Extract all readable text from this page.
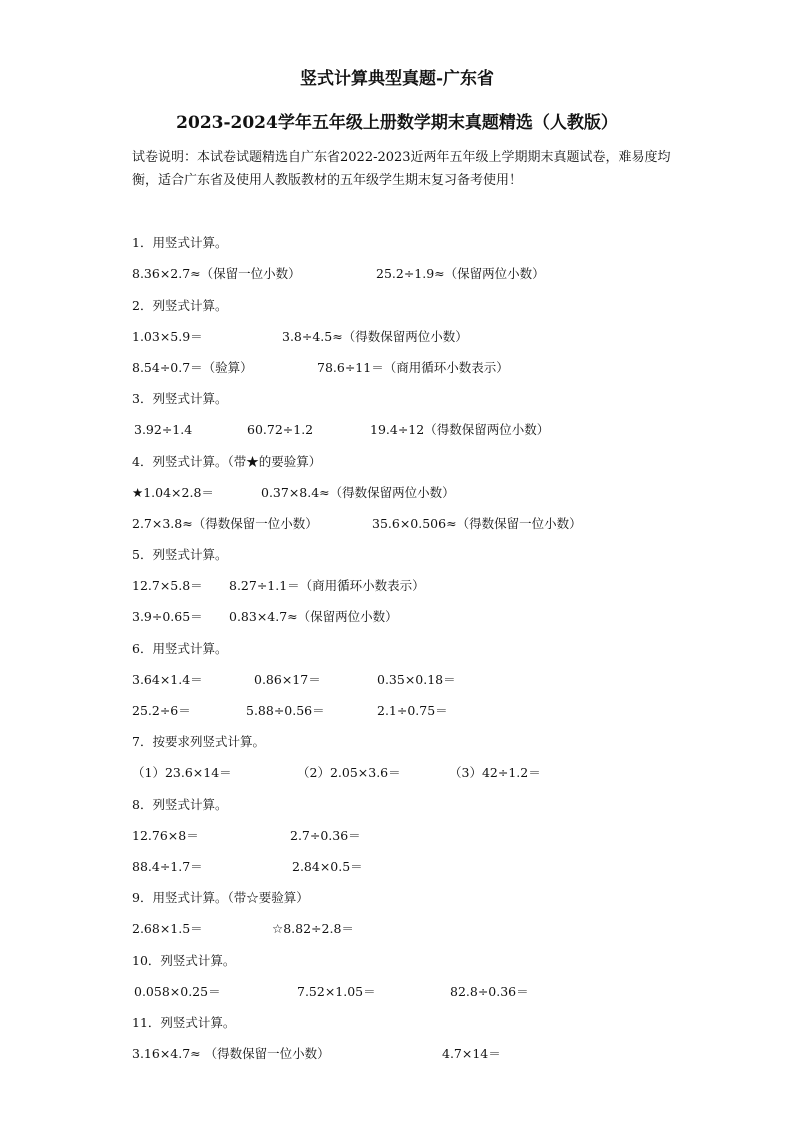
竖式计算典型真题-广东省
2023-2024学年五年级上册数学期末真题精选（人教版）
试卷说明：本试卷试题精选自广东省2022-2023近两年五年级上学期期末真题试卷，难易度均衡，适合广东省及使用人教版教材的五年级学生期末复习备考使用！
1．用竖式计算。
8.36×2.7≈（保留一位小数）	25.2÷1.9≈（保留两位小数）
2．列竖式计算。
1.03×5.9＝	3.8÷4.5≈（得数保留两位小数）
8.54÷0.7＝（验算）	78.6÷11＝（商用循环小数表示）
3．列竖式计算。
3.92÷1.4	60.72÷1.2	19.4÷12（得数保留两位小数）
4．列竖式计算。（带★的要验算）
★1.04×2.8＝	0.37×8.4≈（得数保留两位小数）
2.7×3.8≈（得数保留一位小数）	35.6×0.506≈（得数保留一位小数）
5．列竖式计算。
12.7×5.8＝ 8.27÷1.1＝（商用循环小数表示）
3.9÷0.65＝ 0.83×4.7≈（保留两位小数）
6．用竖式计算。
3.64×1.4＝	0.86×17＝	0.35×0.18＝
25.2÷6＝	5.88÷0.56＝	2.1÷0.75＝
7．按要求列竖式计算。
（1）23.6×14＝	（2）2.05×3.6＝	（3）42÷1.2＝
8．列竖式计算。
12.76×8＝	2.7÷0.36＝
88.4÷1.7＝	2.84×0.5＝
9．用竖式计算。（带☆要验算）
2.68×1.5＝	☆8.82÷2.8＝
10．列竖式计算。
0.058×0.25＝	7.52×1.05＝	82.8÷0.36＝
11．列竖式计算。
3.16×4.7≈ （得数保留一位小数）	4.7×14＝
